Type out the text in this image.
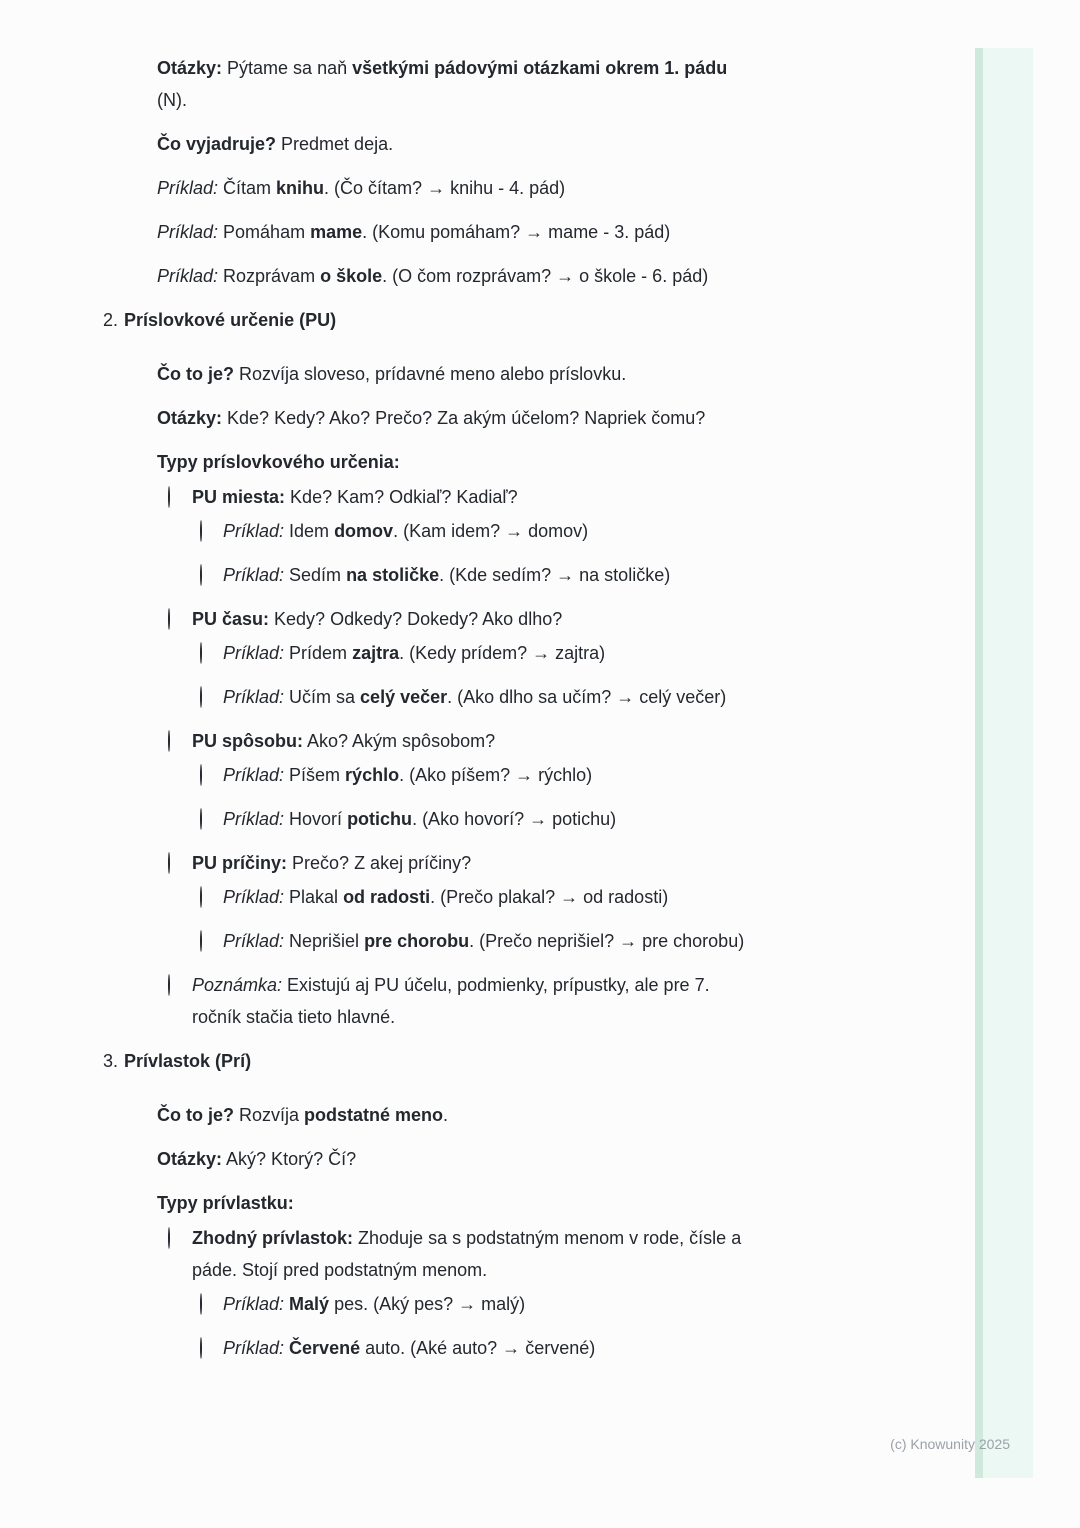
Otázky: Pýtame sa naň všetkými pádovými otázkami okrem 1. pádu
(N).
Čo vyjadruje? Predmet deja.
Príklad: Čítam knihu. (Čo čítam? → knihu - 4. pád)
Príklad: Pomáham mame. (Komu pomáham? → mame - 3. pád)
Príklad: Rozprávam o škole. (O čom rozprávam? → o škole - 6. pád)
2. Príslovkové určenie (PU)
Čo to je? Rozvíja sloveso, prídavné meno alebo príslovku.
Otázky: Kde? Kedy? Ako? Prečo? Za akým účelom? Napriek čomu?
Typy príslovkového určenia:
PU miesta: Kde? Kam? Odkiaľ? Kadiaľ?
Príklad: Idem domov. (Kam idem? → domov)
Príklad: Sedím na stoličke. (Kde sedím? → na stoličke)
PU času: Kedy? Odkedy? Dokedy? Ako dlho?
Príklad: Prídem zajtra. (Kedy prídem? → zajtra)
Príklad: Učím sa celý večer. (Ako dlho sa učím? → celý večer)
PU spôsobu: Ako? Akým spôsobom?
Príklad: Píšem rýchlo. (Ako píšem? → rýchlo)
Príklad: Hovorí potichu. (Ako hovorí? → potichu)
PU príčiny: Prečo? Z akej príčiny?
Príklad: Plakal od radosti. (Prečo plakal? → od radosti)
Príklad: Neprišiel pre chorobu. (Prečo neprišiel? → pre chorobu)
Poznámka: Existujú aj PU účelu, podmienky, prípustky, ale pre 7.
ročník stačia tieto hlavné.
3. Prívlastok (Prí)
Čo to je? Rozvíja podstatné meno.
Otázky: Aký? Ktorý? Čí?
Typy prívlastku:
Zhodný prívlastok: Zhoduje sa s podstatným menom v rode, čísle a
páde. Stojí pred podstatným menom.
Príklad: Malý pes. (Aký pes? → malý)
Príklad: Červené auto. (Aké auto? → červené)
(c) Knowunity 2025
